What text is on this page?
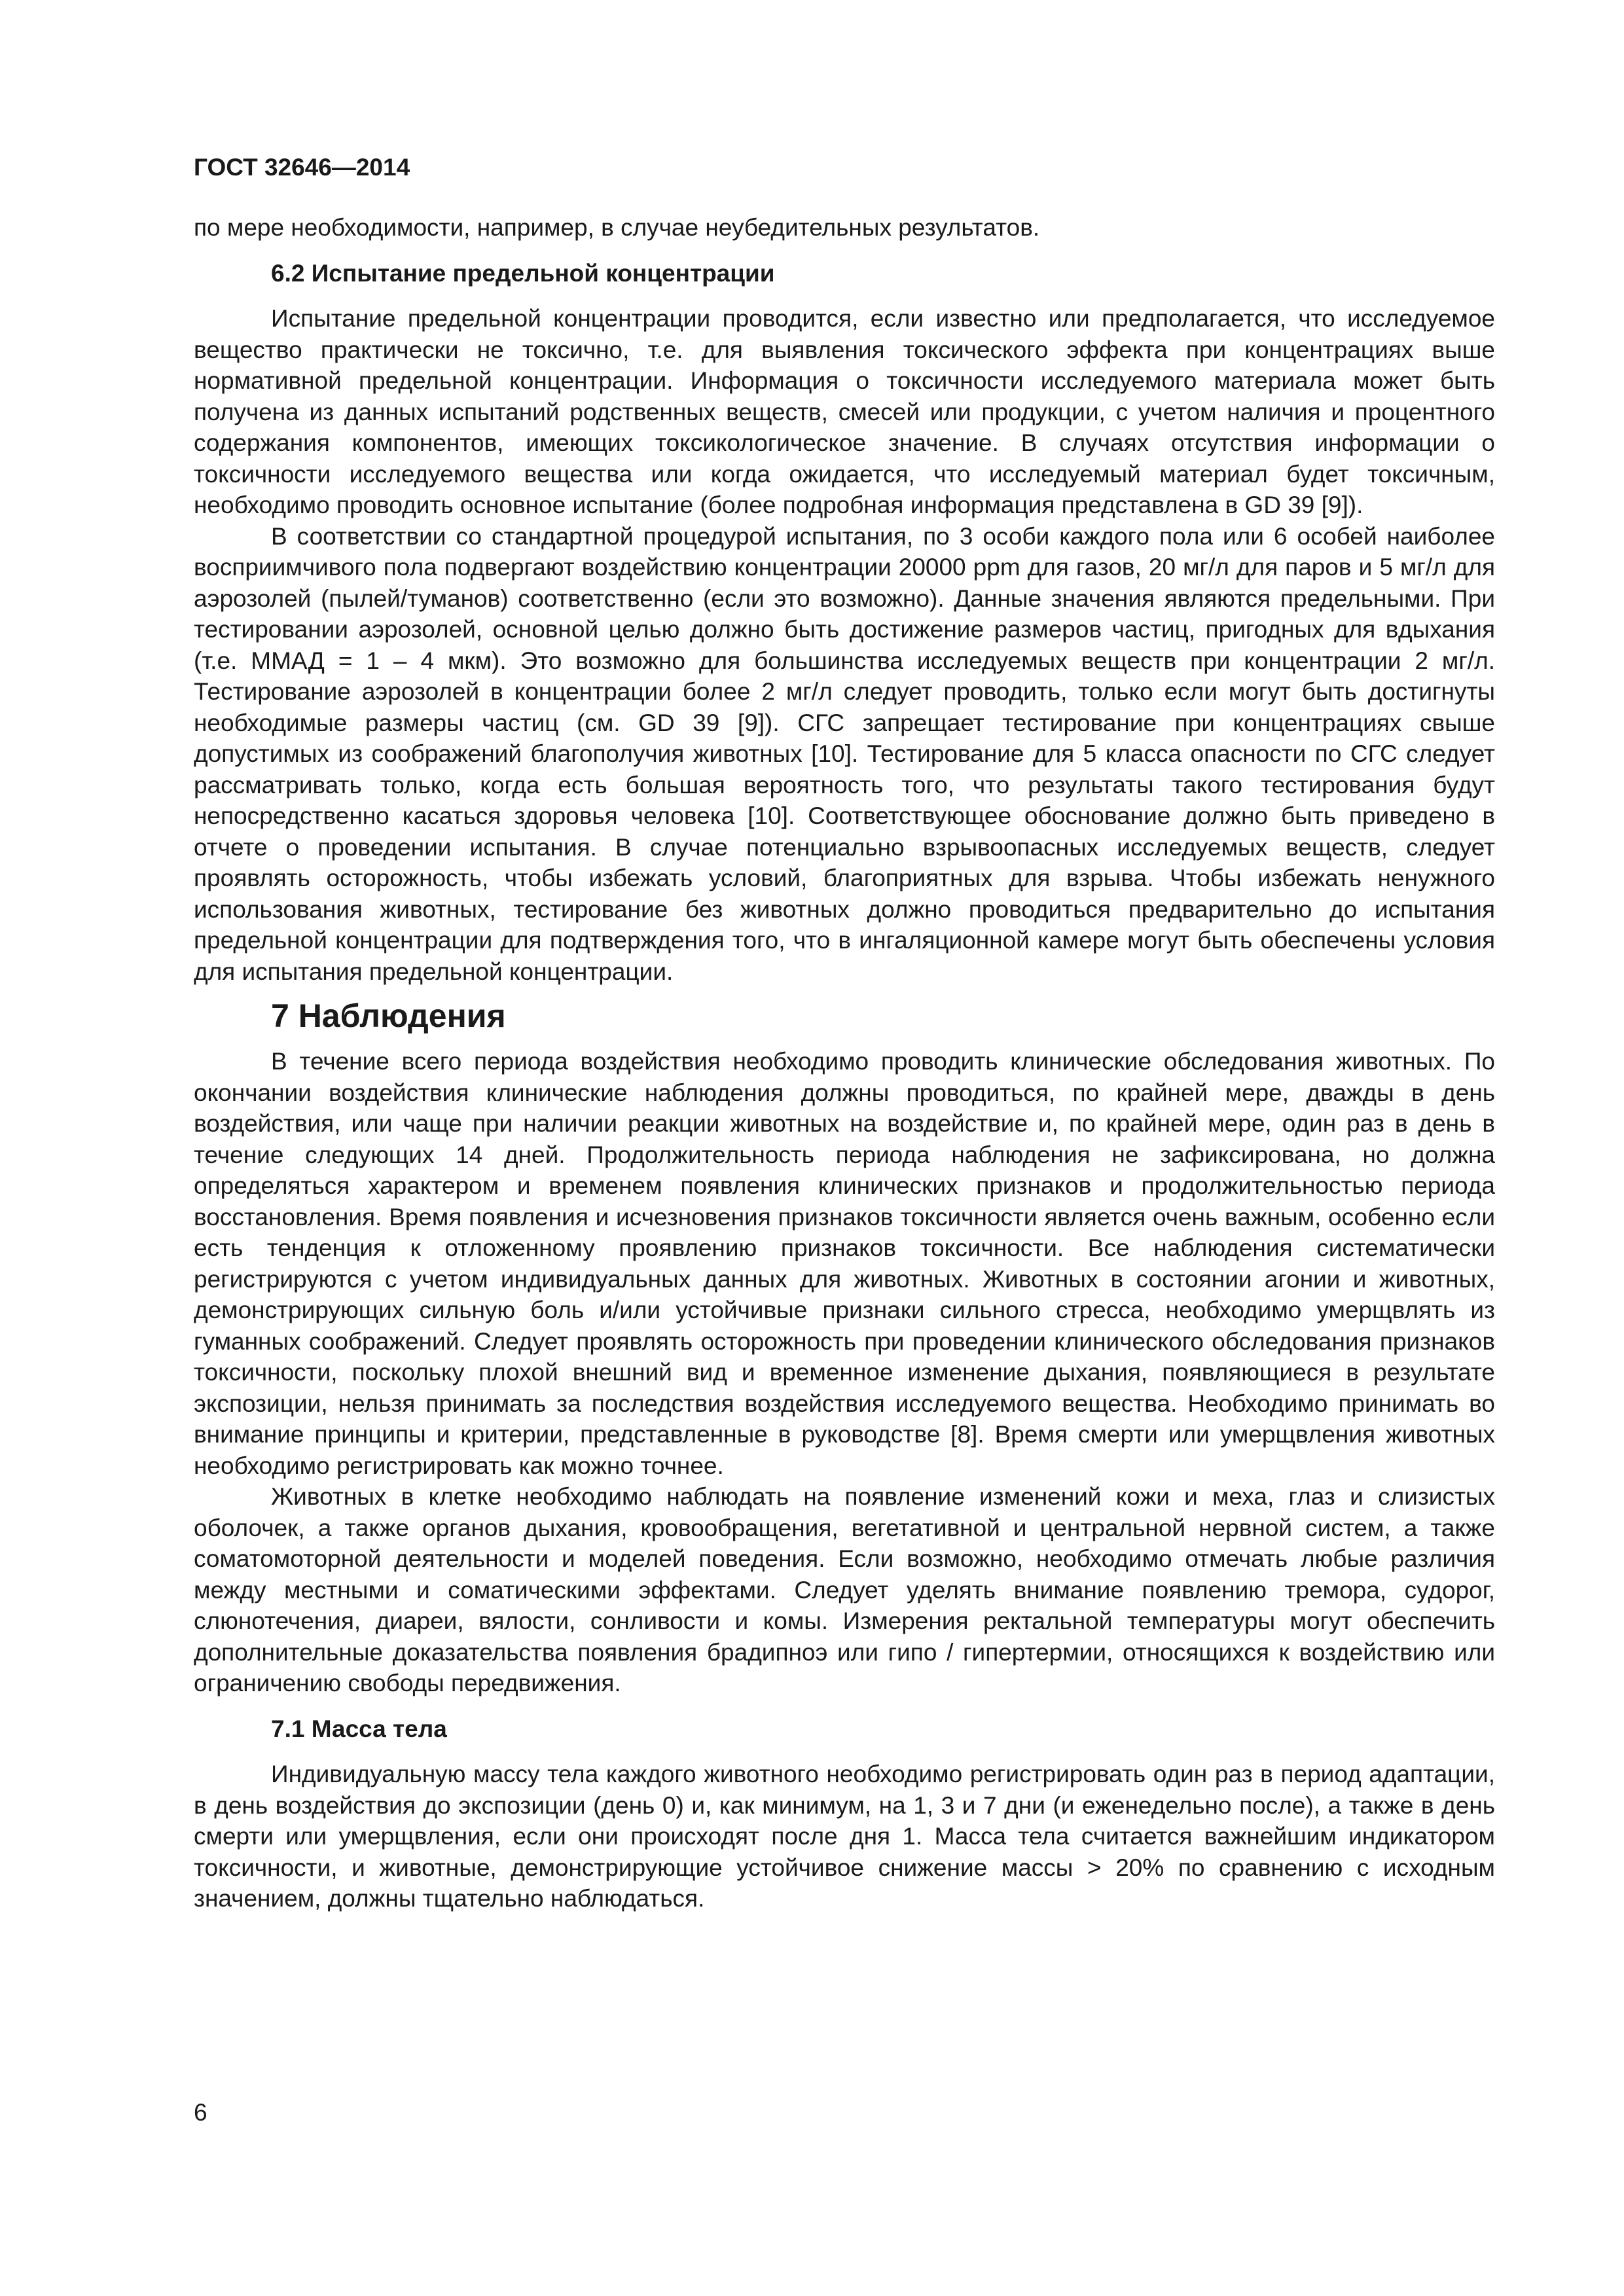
ГОСТ 32646—2014

по мере необходимости, например, в случае неубедительных результатов.

6.2 Испытание предельной концентрации

Испытание предельной концентрации проводится, если известно или предполагается, что исследуемое вещество практически не токсично, т.е. для выявления токсического эффекта при концентрациях выше нормативной предельной концентрации. Информация о токсичности исследуемого материала может быть получена из данных испытаний родственных веществ, смесей или продукции, с учетом наличия и процентного содержания компонентов, имеющих токсикологическое значение. В случаях отсутствия информации о токсичности исследуемого вещества или когда ожидается, что исследуемый материал будет токсичным, необходимо проводить основное испытание (более подробная информация представлена в GD 39 [9]).

В соответствии со стандартной процедурой испытания, по 3 особи каждого пола или 6 особей наиболее восприимчивого пола подвергают воздействию концентрации 20000 ppm для газов, 20 мг/л для паров и 5 мг/л для аэрозолей (пылей/туманов) соответственно (если это возможно). Данные значения являются предельными. При тестировании аэрозолей, основной целью должно быть достижение размеров частиц, пригодных для вдыхания (т.е. ММАД = 1 – 4 мкм). Это возможно для большинства исследуемых веществ при концентрации 2 мг/л. Тестирование аэрозолей в концентрации более 2 мг/л следует проводить, только если могут быть достигнуты необходимые размеры частиц (см. GD 39 [9]). СГС запрещает тестирование при концентрациях свыше допустимых из соображений благополучия животных [10]. Тестирование для 5 класса опасности по СГС следует рассматривать только, когда есть большая вероятность того, что результаты такого тестирования будут непосредственно касаться здоровья человека [10]. Соответствующее обоснование должно быть приведено в отчете о проведении испытания. В случае потенциально взрывоопасных исследуемых веществ, следует проявлять осторожность, чтобы избежать условий, благоприятных для взрыва. Чтобы избежать ненужного использования животных, тестирование без животных должно проводиться предварительно до испытания предельной концентрации для подтверждения того, что в ингаляционной камере могут быть обеспечены условия для испытания предельной концентрации.

7 Наблюдения

В течение всего периода воздействия необходимо проводить клинические обследования животных. По окончании воздействия клинические наблюдения должны проводиться, по крайней мере, дважды в день воздействия, или чаще при наличии реакции животных на воздействие и, по крайней мере, один раз в день в течение следующих 14 дней. Продолжительность периода наблюдения не зафиксирована, но должна определяться характером и временем появления клинических признаков и продолжительностью периода восстановления. Время появления и исчезновения признаков токсичности является очень важным, особенно если есть тенденция к отложенному проявлению признаков токсичности. Все наблюдения систематически регистрируются с учетом индивидуальных данных для животных. Животных в состоянии агонии и животных, демонстрирующих сильную боль и/или устойчивые признаки сильного стресса, необходимо умерщвлять из гуманных соображений. Следует проявлять осторожность при проведении клинического обследования признаков токсичности, поскольку плохой внешний вид и временное изменение дыхания, появляющиеся в результате экспозиции, нельзя принимать за последствия воздействия исследуемого вещества. Необходимо принимать во внимание принципы и критерии, представленные в руководстве [8]. Время смерти или умерщвления животных необходимо регистрировать как можно точнее.

Животных в клетке необходимо наблюдать на появление изменений кожи и меха, глаз и слизистых оболочек, а также органов дыхания, кровообращения, вегетативной и центральной нервной систем, а также соматомоторной деятельности и моделей поведения. Если возможно, необходимо отмечать любые различия между местными и соматическими эффектами. Следует уделять внимание появлению тремора, судорог, слюнотечения, диареи, вялости, сонливости и комы. Измерения ректальной температуры могут обеспечить дополнительные доказательства появления брадипноэ или гипо / гипертермии, относящихся к воздействию или ограничению свободы передвижения.

7.1 Масса тела

Индивидуальную массу тела каждого животного необходимо регистрировать один раз в период адаптации, в день воздействия до экспозиции (день 0) и, как минимум, на 1, 3 и 7 дни (и еженедельно после), а также в день смерти или умерщвления, если они происходят после дня 1. Масса тела считается важнейшим индикатором токсичности, и животные, демонстрирующие устойчивое снижение массы > 20% по сравнению с исходным значением, должны тщательно наблюдаться.

6
